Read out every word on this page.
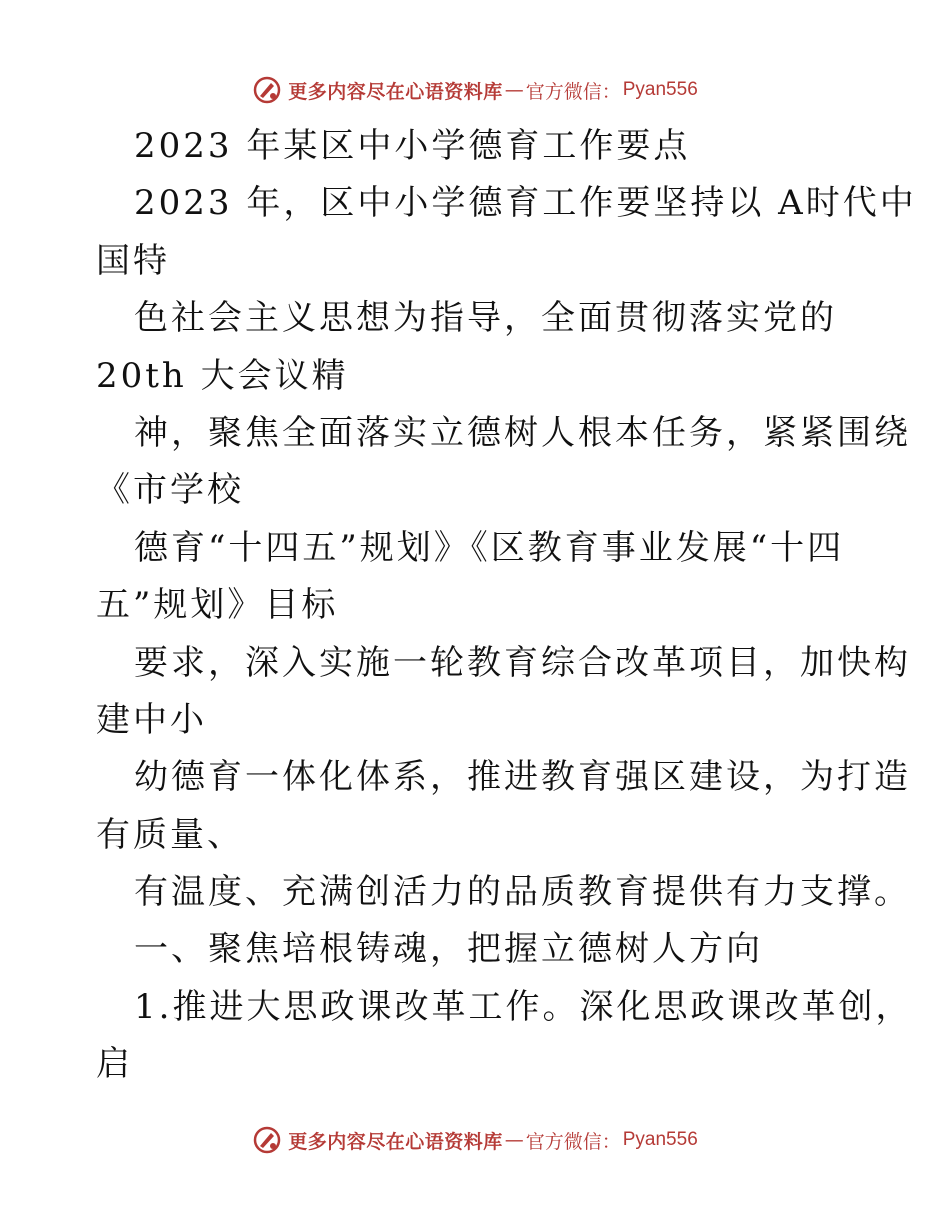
更多内容尽在心语资料库 — 官方微信： Pyan556
2023 年某区中小学德育工作要点
2023 年，区中小学德育工作要坚持以 A时代中
国特
色社会主义思想为指导，全面贯彻落实党的
20th 大会议精
神，聚焦全面落实立德树人根本任务，紧紧围绕
《市学校
德育“十四五”规划》《区教育事业发展“十四
五”规划》目标
要求，深入实施一轮教育综合改革项目，加快构
建中小
幼德育一体化体系，推进教育强区建设，为打造
有质量、
有温度、充满创活力的品质教育提供有力支撑。
一、聚焦培根铸魂，把握立德树人方向
1.推进大思政课改革工作。深化思政课改革创，
启
更多内容尽在心语资料库 — 官方微信： Pyan556
